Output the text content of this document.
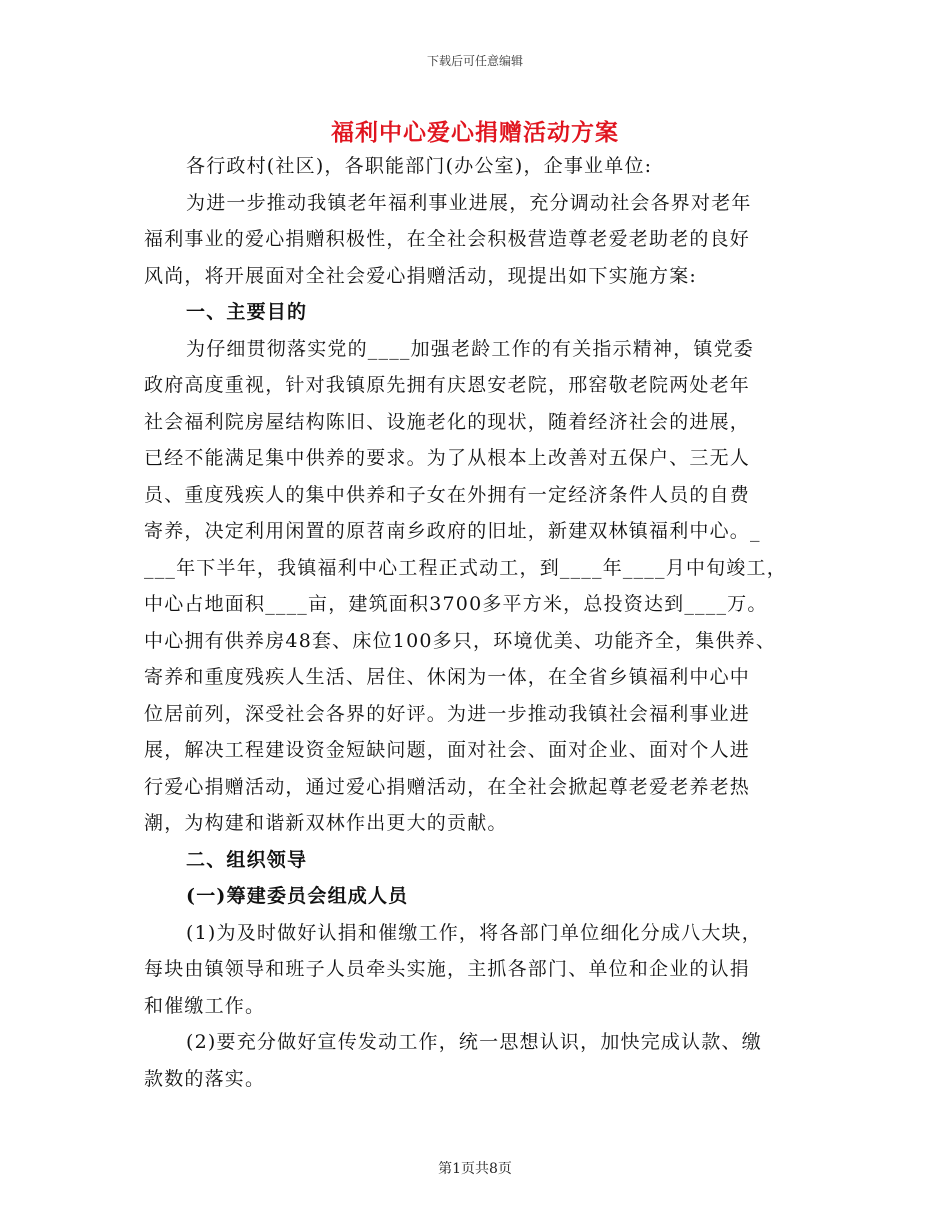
下载后可任意编辑
福利中心爱心捐赠活动方案
各行政村(社区)，各职能部门(办公室)，企事业单位:
为进一步推动我镇老年福利事业进展，充分调动社会各界对老年
福利事业的爱心捐赠积极性，在全社会积极营造尊老爱老助老的良好
风尚，将开展面对全社会爱心捐赠活动，现提出如下实施方案:
一、主要目的
为仔细贯彻落实党的____加强老龄工作的有关指示精神，镇党委
政府高度重视，针对我镇原先拥有庆恩安老院，邢窑敬老院两处老年
社会福利院房屋结构陈旧、设施老化的现状，随着经济社会的进展，
已经不能满足集中供养的要求。为了从根本上改善对五保户、三无人
员、重度残疾人的集中供养和子女在外拥有一定经济条件人员的自费
寄养，决定利用闲置的原苕南乡政府的旧址，新建双林镇福利中心。_
___年下半年，我镇福利中心工程正式动工，到____年____月中旬竣工，
中心占地面积____亩，建筑面积3700多平方米，总投资达到____万。
中心拥有供养房48套、床位100多只，环境优美、功能齐全，集供养、
寄养和重度残疾人生活、居住、休闲为一体，在全省乡镇福利中心中
位居前列，深受社会各界的好评。为进一步推动我镇社会福利事业进
展，解决工程建设资金短缺问题，面对社会、面对企业、面对个人进
行爱心捐赠活动，通过爱心捐赠活动，在全社会掀起尊老爱老养老热
潮，为构建和谐新双林作出更大的贡献。
二、组织领导
(一)筹建委员会组成人员
(1)为及时做好认捐和催缴工作，将各部门单位细化分成八大块，
每块由镇领导和班子人员牵头实施，主抓各部门、单位和企业的认捐
和催缴工作。
(2)要充分做好宣传发动工作，统一思想认识，加快完成认款、缴
款数的落实。
第1页共8页
